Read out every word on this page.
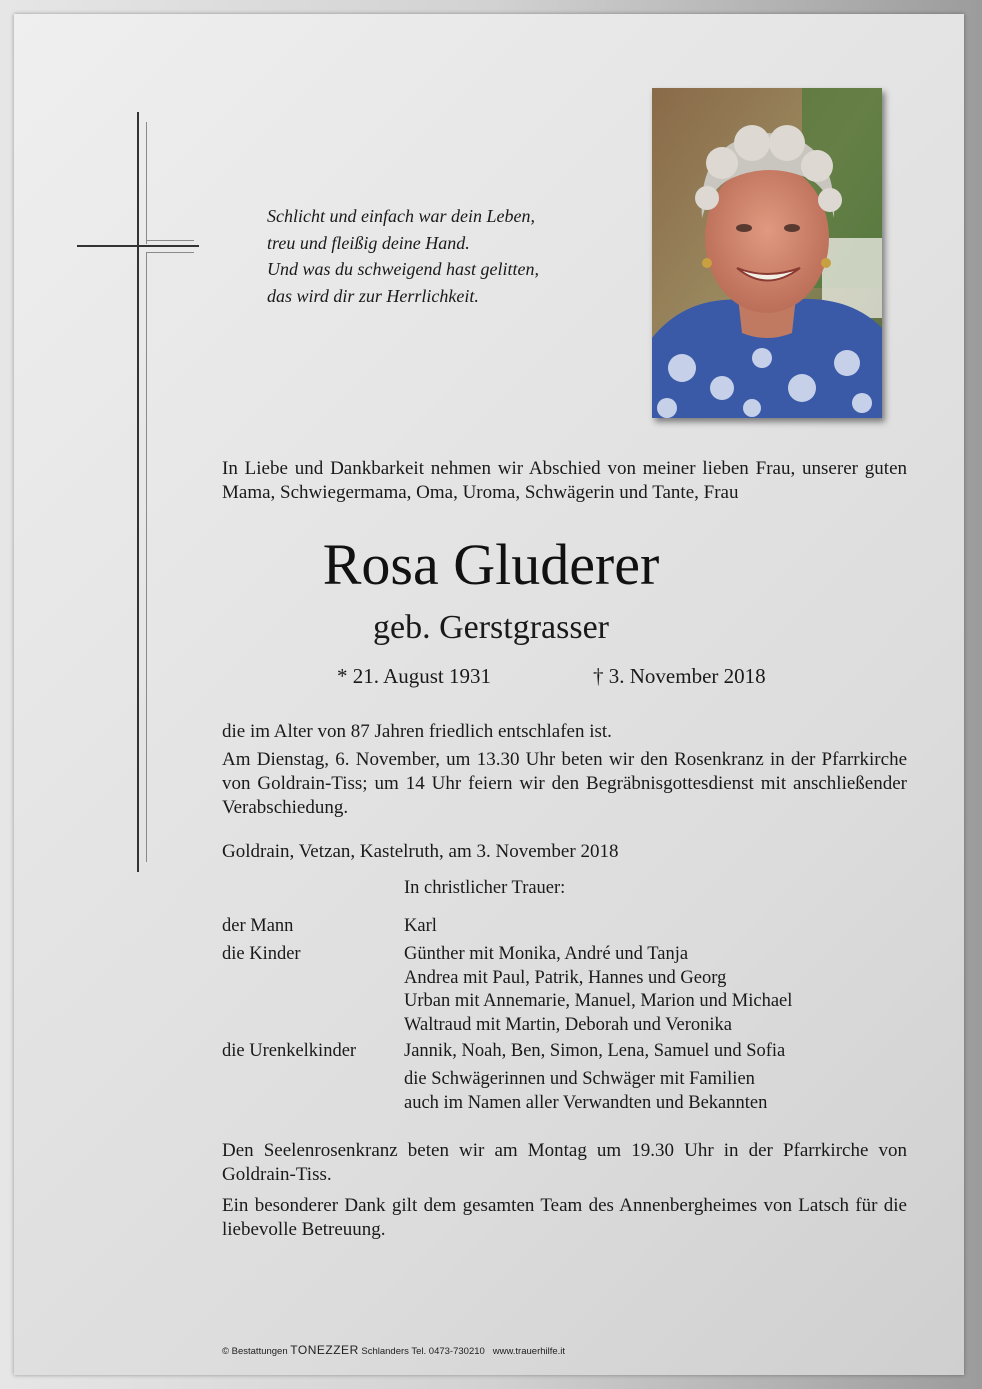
Schlicht und einfach war dein Leben,
treu und fleißig deine Hand.
Und was du schweigend hast gelitten,
das wird dir zur Herrlichkeit.
In Liebe und Dankbarkeit nehmen wir Abschied von meiner lieben Frau, unserer guten Mama, Schwiegermama, Oma, Uroma, Schwägerin und Tante, Frau
Rosa Gluderer
geb. Gerstgrasser
* 21. August 1931	† 3. November 2018
die im Alter von 87 Jahren friedlich entschlafen ist.
Am Dienstag, 6. November, um 13.30 Uhr beten wir den Rosenkranz in der Pfarrkirche von Goldrain-Tiss; um 14 Uhr feiern wir den Begräbnisgottesdienst mit anschließender Verabschiedung.
Goldrain, Vetzan, Kastelruth, am 3. November 2018
In christlicher Trauer:
der Mann	Karl
die Kinder	Günther mit Monika, André und Tanja
Andrea mit Paul, Patrik, Hannes und Georg
Urban mit Annemarie, Manuel, Marion und Michael
Waltraud mit Martin, Deborah und Veronika
die Urenkelkinder	Jannik, Noah, Ben, Simon, Lena, Samuel und Sofia
die Schwägerinnen und Schwäger mit Familien
auch im Namen aller Verwandten und Bekannten
Den Seelenrosenkranz beten wir am Montag um 19.30 Uhr in der Pfarrkirche von Goldrain-Tiss.
Ein besonderer Dank gilt dem gesamten Team des Annenbergheimes von Latsch für die liebevolle Betreuung.
© Bestattungen TONEZZER Schlanders Tel. 0473-730210 www.trauerhilfe.it
